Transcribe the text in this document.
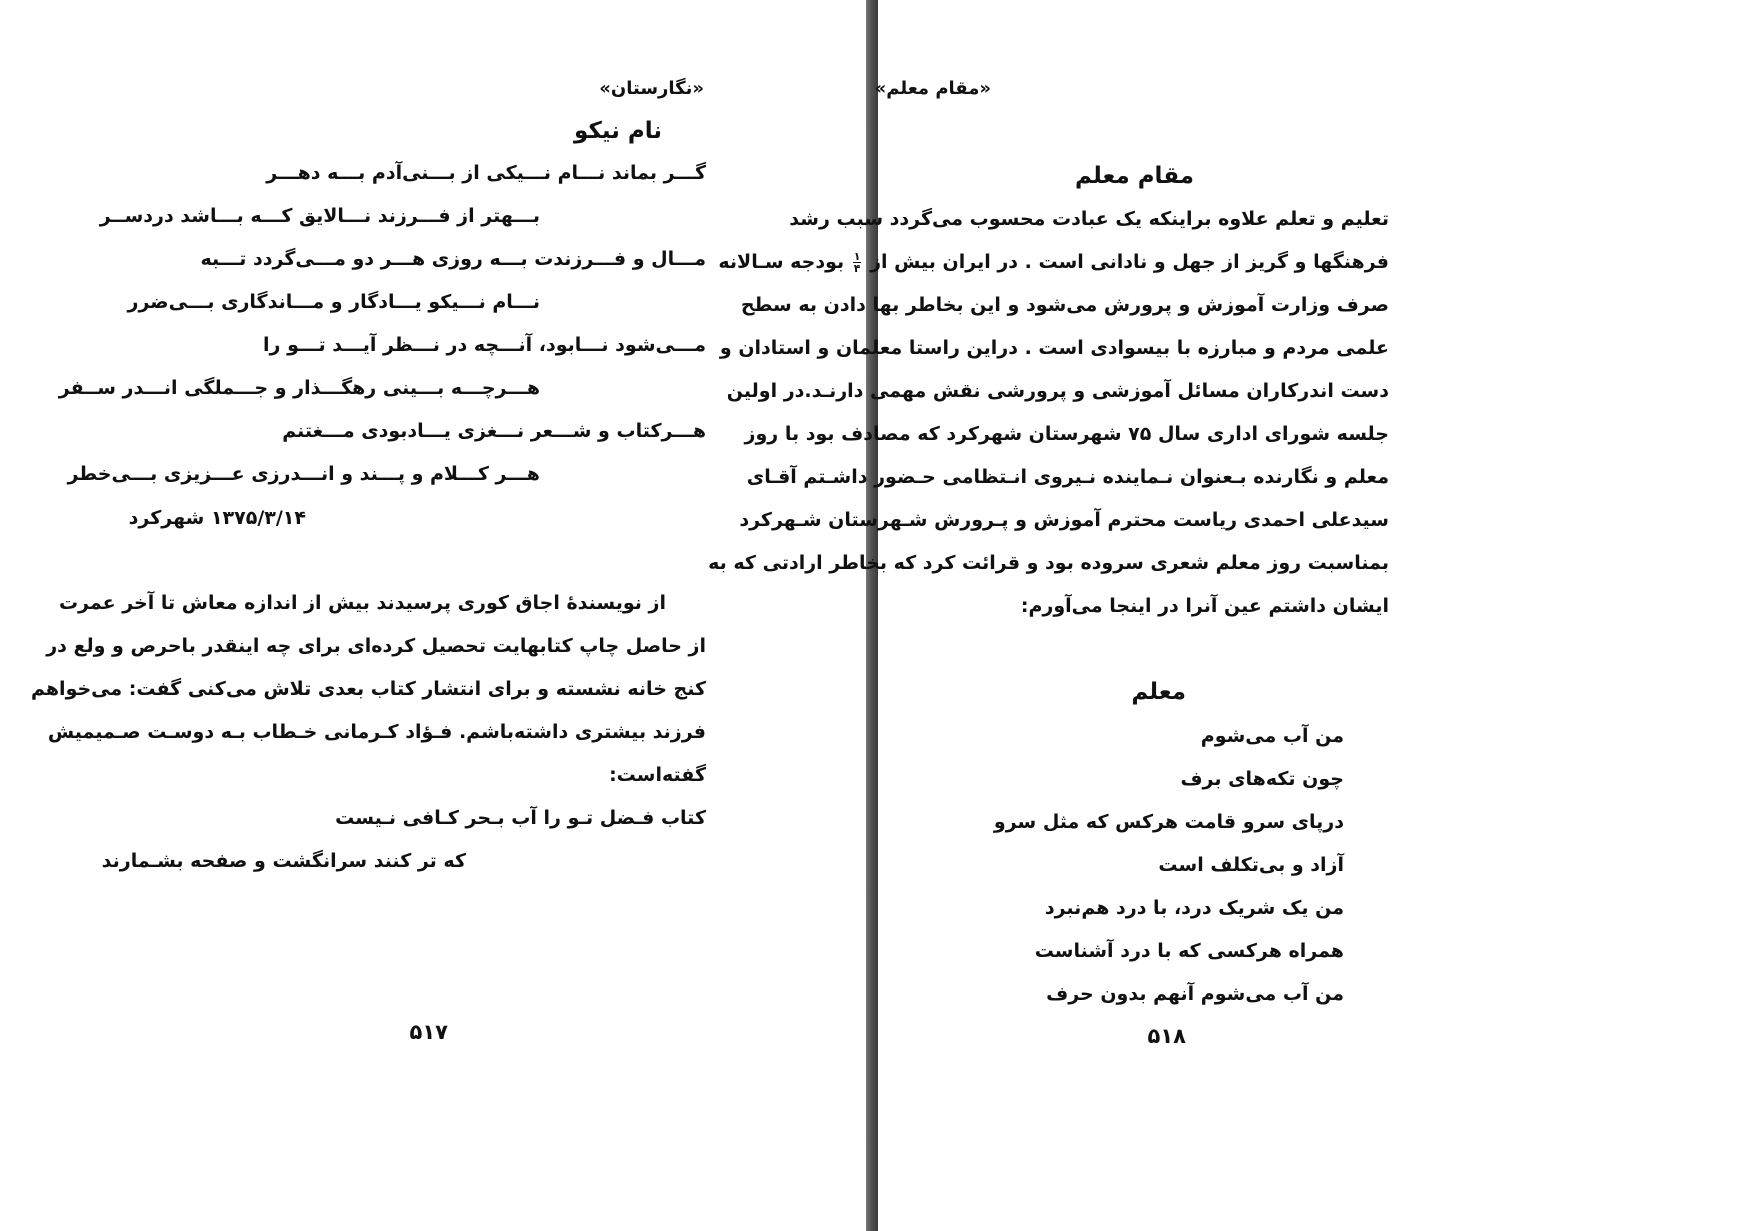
«نگارستان»
نام نیکو
گـــر بماند نـــام نـــیکی از بـــنی‌آدم بـــه دهـــر
بـــهتر از فـــرزند نـــالایق کـــه بـــاشد دردســر
مـــال و فـــرزندت بـــه روزی هـــر دو مـــی‌گردد تـــبه
نـــام نـــیکو یـــادگار و مـــاندگاری بـــی‌ضرر
مـــی‌شود نـــابود، آنـــچه در نـــظر آیـــد تـــو را
هـــرچـــه بـــینی رهگـــذار و جـــملگی انـــدر ســفر
هـــرکتاب و شـــعر نـــغزی یـــادبودی مـــغتنم
هـــر کـــلام و پـــند و انـــدرزی عـــزیزی بـــی‌خطر
۱۳۷۵/۳/۱۴ شهرکرد
از نویسندهٔ اجاق کوری پرسیدند بیش از اندازه معاش تا آخر عمرت
از حاصل چاپ کتابهایت تحصیل کرده‌ای برای چه اینقدر باحرص و ولع در
کنج خانه نشسته و برای انتشار کتاب بعدی تلاش می‌کنی گفت: می‌خواهم
فرزند بیشتری داشته‌باشم. فـؤاد کـرمانی خـطاب بـه دوسـت صـمیمیش
گفته‌است:
کتاب فـضل تـو را آب بـحر کـافی نـیست
که تر کنند سرانگشت و صفحه بشـمارند
۵۱۷
«مقام معلم»
مقام معلم
تعلیم و تعلم علاوه براینکه یک عبادت محسوب می‌گردد سبب رشد
فرهنگها و گریز از جهل و نادانی است . در ایران بیش از
$\frac{۱}{۴}$
بودجه سـالانه
صرف وزارت آموزش و پرورش می‌شود و این بخاطر بها دادن به سطح
علمی مردم و مبارزه با بیسوادی است . دراین راستا معلمان و استادان و
دست اندرکاران مسائل آموزشی و پرورشی نقش مهمی دارنـد.در اولین
جلسه شورای اداری سال ۷۵ شهرستان شهرکرد که مصادف بود با روز
معلم و نگارنده بـعنوان نـماینده نـیروی انـتظامی حـضور داشـتم آقـای
سیدعلی احمدی ریاست محترم آموزش و پـرورش شـهرستان شـهرکرد
بمناسبت روز معلم شعری سروده بود و قرائت کرد که بخاطر ارادتی که به
ایشان داشتم عین آنرا در اینجا می‌آورم:
معلم
من آب می‌شوم
چون تکه‌های برف
درپای سرو قامت هرکس که مثل سرو
آزاد و بی‌تکلف است
من یک شریک درد، با درد هم‌نبرد
همراه هرکسی که با درد آشناست
من آب می‌شوم آنهم بدون حرف
۵۱۸
